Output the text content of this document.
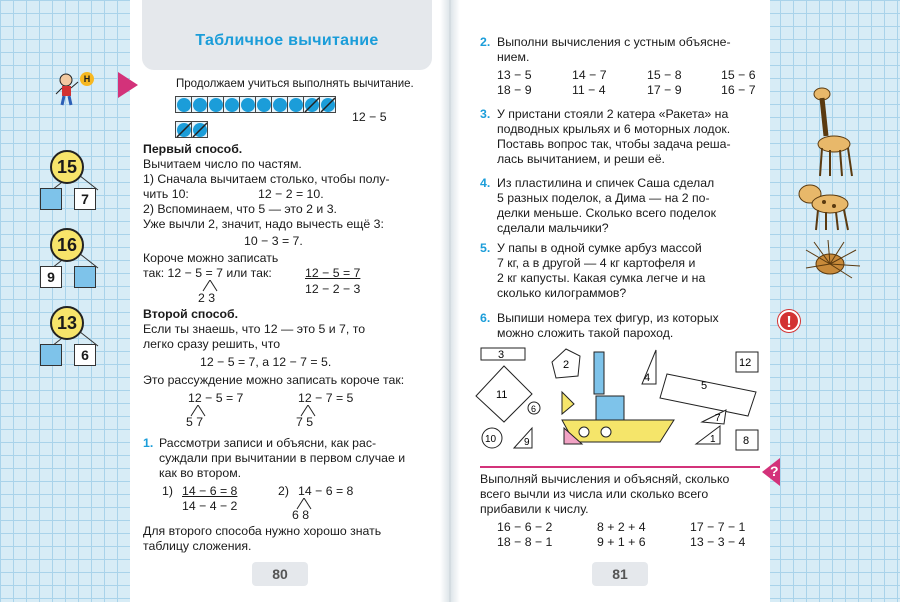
Табличное вычитание
Н
15
7
16
9
13
6
Продолжаем учиться выполнять вычитание.
12 − 5
Первый способ.
Вычитаем число по частям.
1) Сначала вычитаем столько, чтобы полу-
чить 10:	12 − 2 = 10.
2) Вспоминаем, что 5 — это 2 и 3.
Уже вычли 2, значит, надо вычесть ещё 3:
10 − 3 = 7.
Короче можно записать
так: 12 − 5 = 7 или так:	12 − 5 = 7
12 − 2 − 3
2 3
Второй способ.
Если ты знаешь, что 12 — это 5 и 7, то
легко сразу решить, что
12 − 5 = 7, а 12 − 7 = 5.
Это рассуждение можно записать короче так:
12 − 5 = 7	12 − 7 = 5
5 7	7 5
1. Рассмотри записи и объясни, как рас-
суждали при вычитании в первом случае и
как во втором.
1) 14 − 6 = 8
14 − 4 − 2
2) 14 − 6 = 8
6 8
Для второго способа нужно хорошо знать
таблицу сложения.
80
2. Выполни вычисления с устным объясне-
нием.
13 − 5	14 − 7	15 − 8	15 − 6
18 − 9	11 − 4	17 − 9	16 − 7
3. У пристани стояли 2 катера «Ракета» на
подводных крыльях и 6 моторных лодок.
Поставь вопрос так, чтобы задача реша-
лась вычитанием, и реши её.
4. Из пластилина и спичек Саша сделал
5 разных поделок, а Дима — на 2 по-
делки меньше. Сколько всего поделок
сделали мальчики?
5. У папы в одной сумке арбуз массой
7 кг, а в другой — 4 кг картофеля и
2 кг капусты. Какая сумка легче и на
сколько килограммов?
6. Выпиши номера тех фигур, из которых
можно сложить такой пароход.
3
2
4
12
11
5
6
7
10	9	1 8
?
Выполняй вычисления и объясняй, сколько
всего вычли из числа или сколько всего
прибавили к числу.
16 − 6 − 2	8 + 2 + 4	17 − 7 − 1
18 − 8 − 1	9 + 1 + 6	13 − 3 − 4
81
!
